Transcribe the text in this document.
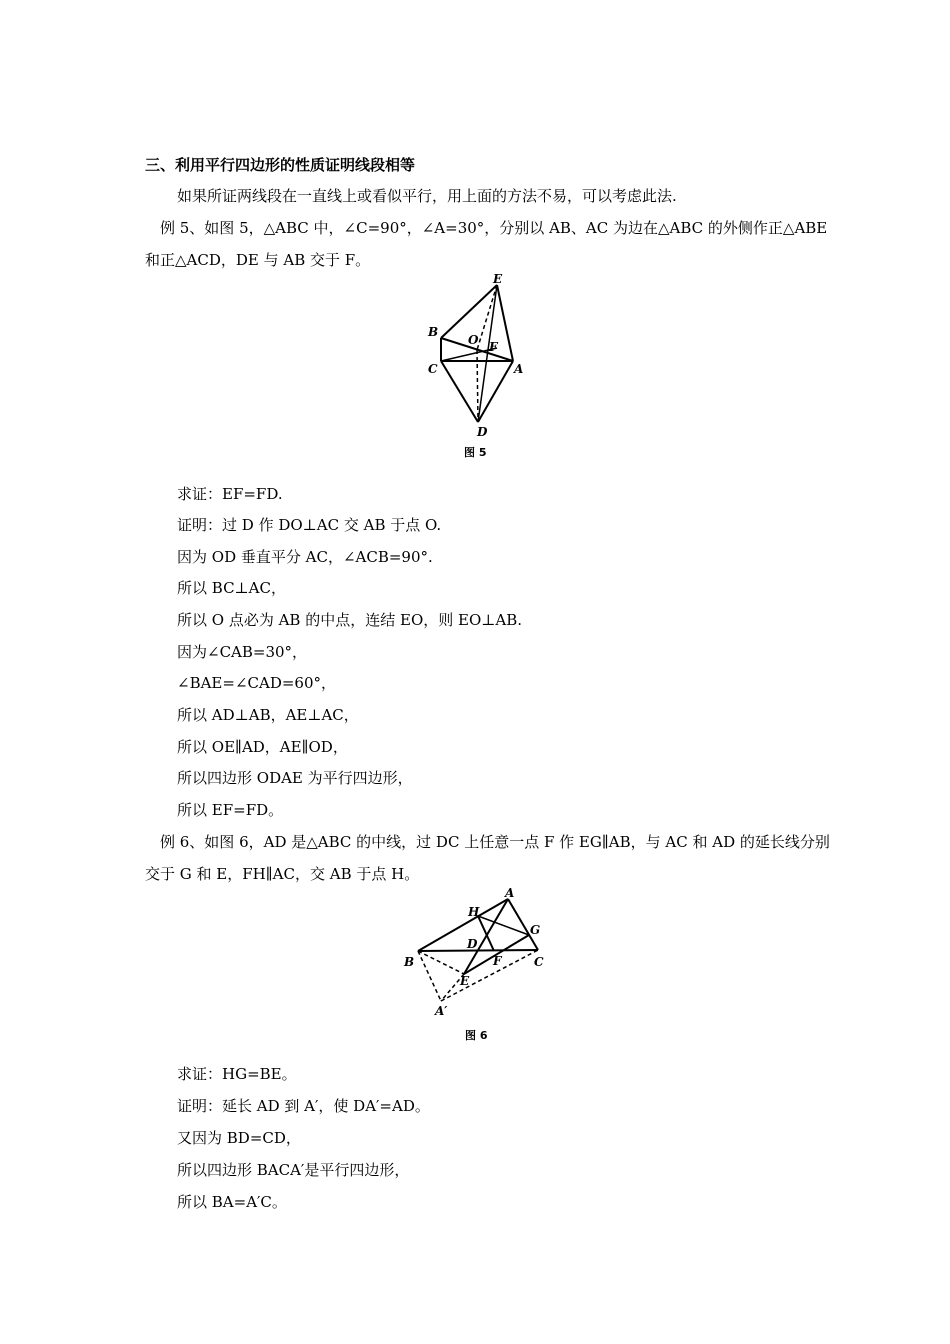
三、利用平行四边形的性质证明线段相等
如果所证两线段在一直线上或看似平行，用上面的方法不易，可以考虑此法.
例 5、如图 5，△ABC 中，∠C=90°，∠A=30°，分别以 AB、AC 为边在△ABC 的外侧作正△ABE
和正△ACD，DE 与 AB 交于 F。
E
B
O F
C	A
D
图 5
求证：EF=FD.
证明：过 D 作 DO⊥AC 交 AB 于点 O.
因为 OD 垂直平分 AC，∠ACB=90°.
所以 BC⊥AC，
所以 O 点必为 AB 的中点，连结 EO，则 EO⊥AB.
因为∠CAB=30°，
∠BAE=∠CAD=60°，
所以 AD⊥AB，AE⊥AC，
所以 OE∥AD，AE∥OD，
所以四边形 ODAE 为平行四边形，
所以 EF=FD。
例 6、如图 6，AD 是△ABC 的中线，过 DC 上任意一点 F 作 EG∥AB，与 AC 和 AD 的延长线分别
交于 G 和 E，FH∥AC，交 AB 于点 H。
A
H
G
D
B	F	C
E
A′
图 6
求证：HG=BE。
证明：延长 AD 到 A′，使 DA′=AD。
又因为 BD=CD，
所以四边形 BACA′是平行四边形，
所以 BA=A′C。
